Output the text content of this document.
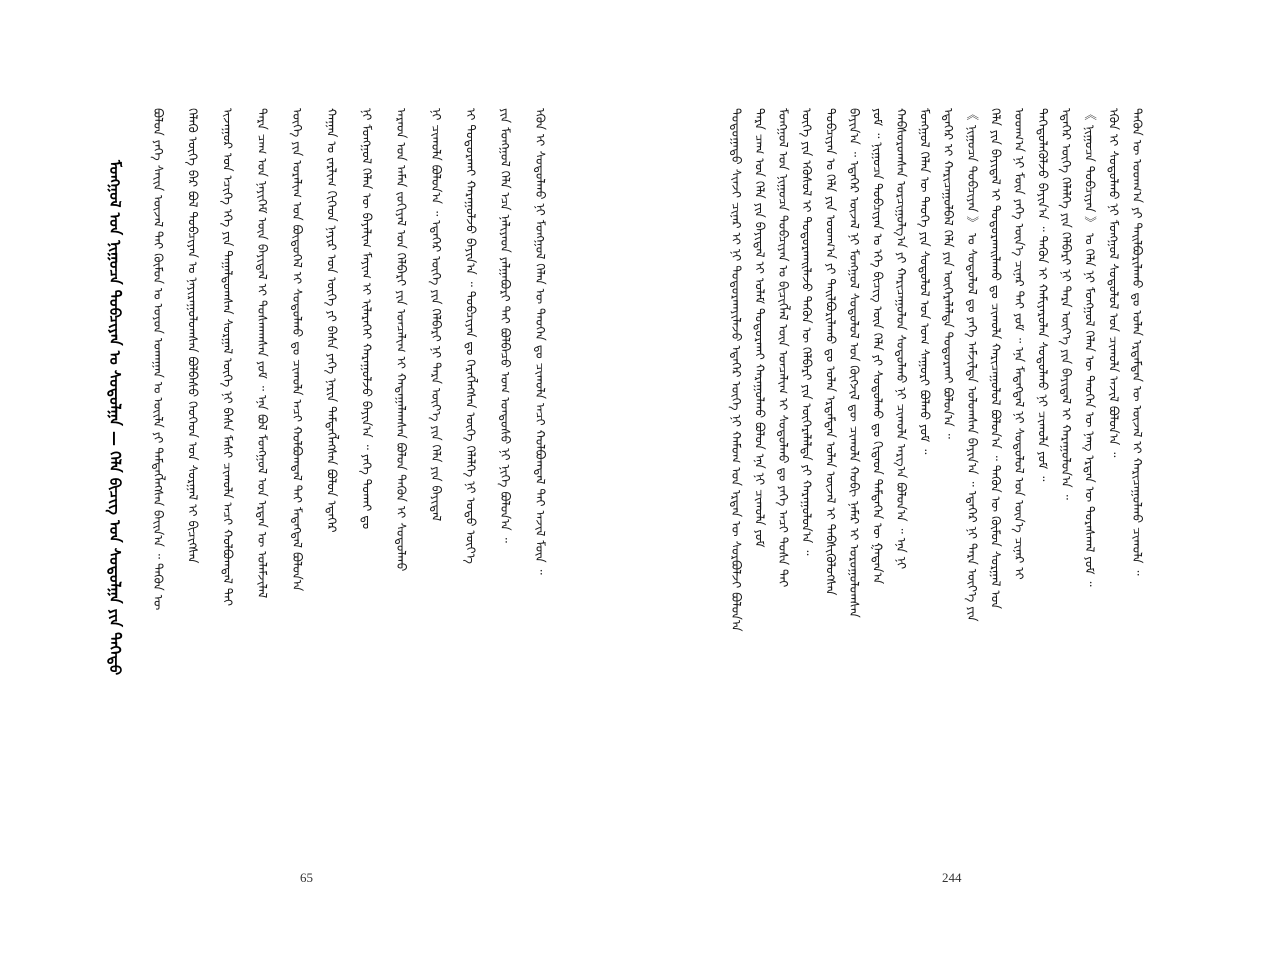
ᠮᠣᠩᠭᠣᠯ ᠤᠨ ᠨᠢᠭᠤᠴᠠ ᠲᠣᠪᠴᠢᠶᠠᠨ ᠤ ᠰᠤᠳᠤᠯᠭᠠ — ᠬᠡᠯᠡ ᠪᠢᠴᠢᠭ ᠤᠨ ᠰᠤᠳᠤᠯᠭᠠ ᠶᠢᠨ ᠳᠡᠭᠡᠳᠦ	ᠪᠣᠯᠤᠨ ᠶᠡᠬᠡ ᠰᠠᠶ᠋ᠢᠨ ᠦᠵᠡᠯ ᠲᠡᠢ ᠬᠦᠮᠦᠨ ᠤ ᠣᠶᠤᠨ ᠤᠬᠠᠭᠠᠨ ᠤ ᠦᠢᠯᠡ ᠶᠢ ᠲᠡᠮᠳᠡᠭᠯᠡᠭᠰᠡᠨ ᠪᠠᠶ᠋ᠢᠨ᠎ᠠ ᠃ ᠲᠡᠭᠦᠨ ᠦ ᠬᠡᠯᠡᠬᠦ ᠦᠭᠡ ᠪᠡᠷ ᠪᠣᠯ ᠲᠣᠪᠴᠢᠶᠠᠨ ᠤ ᠨᠠᠶᠢᠷᠠᠭᠤᠯᠤᠭᠰᠠᠨ ᠪᠣᠯᠪᠠᠰᠤ ᠬᠡᠦᠬᠡᠳ ᠤᠨ ᠰᠤᠷᠭᠠᠯ ᠢ ᠪᠢᠴᠢᠭᠰᠡᠨ ᠢᠵᠠᠭᠤᠷ ᠤᠨ ᠡᠴᠢᠭᠡ ᠡᠬᠡ ᠶᠢᠨ ᠳᠠᠭᠠᠯᠳᠤᠭᠰᠠᠨ ᠰᠤᠷᠭᠠᠯ ᠦᠭᠡ ᠨᠢ ᠪᠠᠰᠠ ᠮᠠᠰᠢ ᠴᠢᠬᠤᠯᠠ ᠠᠴᠢ ᠬᠣᠯᠪᠣᠭᠳᠠᠯ ᠲᠠᠢ ᠲᠡᠷᠡ ᠴᠠᠭ ᠤᠨ ᠨᠡᠶᠢᠭᠡᠮ ᠦᠨ ᠪᠠᠶᠢᠳᠠᠯ ᠢ ᠲᠤᠰᠬᠠᠭᠰᠠᠨ ᠶᠤᠮ ᠃ ᠡᠨᠡ ᠪᠣᠯ ᠮᠣᠩᠭᠣᠯ ᠤᠨ ᠡᠷᠲᠡᠨ ᠦ ᠤᠯᠠᠮᠵᠢᠯᠠᠯ ᠦᠭᠡ ᠶᠢᠨ ᠤᠷᠠᠯᠢᠭ ᠤᠨ ᠪᠦᠲᠦᠭᠡᠯ ᠢ ᠰᠤᠳᠤᠯᠬᠤ ᠳᠤ ᠴᠢᠬᠤᠯᠠ ᠠᠴᠢ ᠬᠣᠯᠪᠣᠭᠳᠠᠯ ᠲᠠᠢ ᠮᠡᠳᠡᠭᠳᠡᠯ ᠪᠣᠯᠤᠨ᠎ᠠ ᠬᠠᠭᠠᠨ ᠤ ᠵᠠᠷᠯᠢᠭ ᠬᠢᠭᠡᠳ ᠨᠠᠶᠢᠷ ᠤᠨ ᠦᠭᠡ ᠶᠢ ᠪᠠᠰᠠ ᠶᠡᠬᠡ ᠨᠠᠷᠢᠨ ᠲᠡᠮᠳᠡᠭᠯᠡᠭᠰᠡᠨ ᠪᠣᠯᠤᠨ ᠡᠳᠡᠭᠡᠷ ᠨᠢ ᠮᠣᠩᠭᠣᠯ ᠬᠡᠯᠡᠨ ᠦ ᠪᠠᠶᠠᠯᠢᠭ ᠮᠠᠶᠢᠭ ᠢ ᠢᠯᠡᠷᠡᠬᠡᠢ ᠬᠠᠷᠠᠭᠤᠯᠵᠤ ᠪᠠᠶᠢᠨ᠎ᠠ ᠃ ᠶᠡᠬᠡ ᠲᠤᠬᠠᠢ ᠳᠤ ᠠᠷᠠᠳ ᠤᠨ ᠠᠮᠠᠨ ᠵᠣᠬᠢᠶᠠᠯ ᠤᠨ ᠬᠡᠯᠪᠡᠷᠢ ᠶᠢᠨ ᠣᠨᠴᠠᠯᠢᠭ ᠢ ᠬᠠᠳᠠᠭᠠᠯᠠᠭᠰᠠᠨ ᠪᠣᠯᠤᠨ ᠲᠡᠭᠦᠨ ᠢ ᠰᠤᠳᠤᠯᠬᠤ ᠨᠢ ᠴᠢᠬᠤᠯᠠ ᠪᠣᠯᠤᠨ᠎ᠠ ᠃ ᠡᠳᠡᠭᠡᠷ ᠦᠭᠡ ᠶᠢᠨ ᠬᠡᠯᠪᠡᠷᠢ ᠨᠢ ᠲᠡᠷᠡ ᠦᠶ᠎ᠡ ᠶᠢᠨ ᠬᠡᠯᠡ ᠶᠢᠨ ᠪᠠᠶᠢᠳᠠᠯ ᠢ ᠲᠣᠳᠤᠷᠬᠠᠶ ᠬᠠᠷᠠᠭᠤᠯᠵᠤ ᠪᠠᠶᠢᠨ᠎ᠠ ᠃ ᠲᠣᠪᠴᠢᠶᠠᠨ ᠳᠤ ᠬᠡᠷᠡᠭᠯᠡᠭᠰᠡᠨ ᠦᠭᠡ ᠬᠡᠯᠡᠯᠭᠡ ᠨᠢ ᠣᠳᠣ ᠦᠶ᠎ᠡ ᠶᠢᠨ ᠮᠣᠩᠭᠣᠯ ᠬᠡᠯᠡ ᠡᠴᠡ ᠨᠡᠯᠢᠶᠡᠳ ᠶᠠᠯᠭᠠᠪᠤᠷᠢ ᠲᠠᠢ ᠪᠣᠯᠪᠠᠴᠤ ᠤᠭ ᠤᠨᠳᠤᠰᠤ ᠨᠢ ᠨᠢᠭᠡ ᠪᠣᠯᠤᠨ᠎ᠠ ᠃ ᠡᠭᠦᠨ ᠢ ᠰᠤᠳᠤᠯᠬᠤ ᠨᠢ ᠮᠣᠩᠭᠣᠯ ᠬᠡᠯᠡᠨ ᠦ ᠲᠡᠦᠬᠡᠨ ᠳᠤ ᠴᠢᠬᠤᠯᠠ ᠠᠴᠢ ᠬᠣᠯᠪᠣᠭᠳᠠᠯ ᠲᠠᠢ ᠠᠵᠢᠯ ᠮᠥᠨ ᠃
65
ᠳᠣᠲᠣᠭᠠᠳᠤ ᠰᠢᠨᠵᠢ ᠴᠢᠨᠠᠷ ᠢ ᠨᠢ ᠲᠣᠳᠣᠷᠬᠠᠶᠢᠯᠠᠵᠤ ᠡᠳᠡᠭᠡᠷ ᠦᠭᠡ ᠨᠢ ᠬᠠᠮᠤᠭ ᠤᠨ ᠡᠷᠲᠡᠨ ᠦ ᠰᠤᠷᠪᠤᠯᠵᠢ ᠪᠣᠯᠤᠨ᠎ᠠ ᠲᠡᠷᠡ ᠴᠠᠭ ᠤᠨ ᠬᠡᠯᠡ ᠶᠢᠨ ᠪᠠᠶᠢᠳᠠᠯ ᠢ ᠤᠯᠠᠮ ᠲᠣᠳᠣᠷᠬᠠᠢ ᠬᠠᠷᠠᠭᠤᠯᠬᠤ ᠪᠣᠯᠤᠨ ᠡᠨᠡ ᠨᠢ ᠴᠢᠬᠤᠯᠠ ᠶᠤᠮ ᠮᠣᠩᠭᠣᠯ ᠤᠨ ᠨᠢᠭᠤᠴᠠ ᠲᠣᠪᠴᠢᠶᠠᠨ ᠤ ᠪᠢᠴᠢᠭᠯᠡᠯ ᠦᠨ ᠣᠨᠴᠠᠯᠢᠭ ᠢ ᠰᠤᠳᠤᠯᠬᠤ ᠳᠤ ᠶᠡᠬᠡ ᠠᠴᠢ ᠲᠤᠰᠠ ᠲᠠᠢ ᠦᠭᠡ ᠶᠢᠨ ᠡᠭᠦᠰᠦᠯ ᠢ ᠲᠣᠳᠣᠷᠬᠠᠢᠯᠠᠵᠤ ᠲᠡᠭᠦᠨ ᠦ ᠬᠡᠯᠪᠡᠷᠢ ᠶᠢᠨ ᠥᠭᠡᠷᠡᠯᠡᠯᠲᠡ ᠶᠢ ᠬᠠᠷᠠᠭᠤᠯᠤᠨ᠎ᠠ ᠃ ᠲᠣᠪᠴᠢᠶᠠᠨ ᠤ ᠬᠡᠯᠡ ᠶᠢᠨ ᠤᠳᠬ᠎ᠠ ᠶᠢ ᠲᠠᠢᠯᠪᠤᠷᠢᠯᠠᠬᠤ ᠳᠤ ᠣᠯᠠᠨ ᠡᠷᠳᠡᠮᠲᠡᠨ ᠣᠯᠠᠨ ᠦᠵᠡᠯ ᠢ ᠳᠡᠪᠰᠢᠭᠦᠯᠦᠭᠰᠡᠨ ᠪᠠᠶᠢᠨ᠎ᠠ ᠃ ᠡᠳᠡᠭᠡᠷ ᠦᠵᠡᠯ ᠨᠢ ᠮᠣᠩᠭᠣᠯ ᠰᠤᠳᠤᠯᠤᠯ ᠤᠨ ᠬᠥᠭᠵᠢᠯ ᠳᠦ ᠴᠢᠬᠤᠯᠠ ᠬᠤᠪᠢ ᠨᠡᠮᠡᠷ ᠢ ᠣᠷᠣᠭᠤᠯᠤᠭᠰᠠᠨ ᠶᠤᠮ ᠃ ᠨᠢᠭᠤᠴᠠ ᠲᠣᠪᠴᠢᠶᠠᠨ ᠤ ᠡᠬᠡ ᠪᠢᠴᠢᠭ ᠦᠨ ᠬᠡᠯᠡ ᠶᠢ ᠰᠤᠳᠤᠯᠬᠤ ᠳᠤ ᠬᠢᠳᠠᠳ ᠲᠡᠮᠳᠡᠭᠡᠨ ᠦ ᠭᠠᠳᠠᠨ᠎ᠠ ᠬᠠᠪᠰᠤᠷᠤᠭᠰᠠᠨ ᠣᠷᠴᠢᠭᠤᠯᠭ᠎ᠠ ᠶᠢ ᠬᠠᠷᠢᠴᠠᠭᠤᠯᠤᠨ ᠰᠤᠳᠤᠯᠬᠤ ᠨᠢ ᠴᠢᠬᠤᠯᠠ ᠠᠷᠭ᠎ᠠ ᠪᠣᠯᠤᠨ᠎ᠠ ᠃ ᠡᠨᠡ ᠨᠢ ᠮᠣᠩᠭᠣᠯ ᠬᠡᠯᠡᠨ ᠦ ᠲᠡᠦᠬᠡ ᠶᠢᠨ ᠰᠤᠳᠤᠯᠤᠯ ᠤᠨ ᠤᠭ ᠰᠠᠭᠤᠷᠢ ᠪᠣᠯᠬᠤ ᠶᠤᠮ ᠃ ᠡᠳᠡᠭᠡᠷ ᠢ ᠬᠠᠷᠢᠴᠠᠭᠤᠯᠪᠠᠯ ᠬᠡᠯᠡ ᠶᠢᠨ ᠥᠭᠡᠷᠡᠯᠡᠯᠲᠡ ᠲᠣᠳᠣᠷᠬᠠᠢ ᠪᠣᠯᠤᠨ᠎ᠠ ᠃ 《 ᠨᠢᠭᠤᠴᠠ ᠲᠣᠪᠴᠢᠶᠠᠨ 》 ᠤ ᠰᠤᠳᠤᠯᠤᠯ ᠳᠤ ᠶᠡᠬᠡ ᠠᠮᠵᠢᠯᠲᠠ ᠣᠯᠤᠭᠰᠠᠨ ᠪᠠᠶᠢᠨ᠎ᠠ ᠃ ᠡᠳᠡᠭᠡᠷ ᠨᠢ ᠲᠡᠷᠡ ᠦᠶ᠎ᠡ ᠶᠢᠨ ᠬᠡᠯᠡ ᠶᠢᠨ ᠪᠠᠶᠢᠳᠠᠯ ᠢ ᠲᠣᠳᠣᠷᠬᠠᠢᠯᠠᠬᠤ ᠳᠤ ᠴᠢᠬᠤᠯᠠ ᠬᠠᠷᠢᠴᠠᠭᠤᠯᠤᠯ ᠪᠣᠯᠤᠨ᠎ᠠ ᠃ ᠲᠡᠭᠦᠨ ᠦ ᠬᠦᠮᠦᠨ ᠰᠤᠷᠭᠠᠯ ᠤᠨ ᠤᠳᠬ᠎ᠠ ᠨᠢ ᠮᠥᠨ ᠶᠡᠬᠡ ᠦᠨ᠎ᠡ ᠴᠢᠨᠠᠷ ᠲᠠᠢ ᠶᠤᠮ ᠃ ᠡᠨᠡ ᠮᠡᠳᠡᠭᠳᠡᠯ ᠨᠢ ᠰᠤᠳᠤᠯᠤᠯ ᠤᠨ ᠦᠨ᠎ᠡ ᠴᠢᠨᠠᠷ ᠢ ᠳᠡᠭᠡᠳᠦᠯᠡᠭᠦᠯᠵᠦ ᠪᠠᠶᠢᠨ᠎ᠠ ᠃ ᠲᠡᠭᠦᠨ ᠢ ᠬᠠᠮᠢᠶᠠᠷᠤᠯᠠᠨ ᠰᠤᠳᠤᠯᠬᠤ ᠨᠢ ᠴᠢᠬᠤᠯᠠ ᠶᠤᠮ ᠃ ᠡᠳᠡᠭᠡᠷ ᠦᠭᠡ ᠬᠡᠯᠡᠯᠭᠡ ᠶᠢᠨ ᠬᠡᠯᠪᠡᠷᠢ ᠨᠢ ᠲᠡᠷᠡ ᠦᠶ᠎ᠡ ᠶᠢᠨ ᠪᠠᠶᠢᠳᠠᠯ ᠢ ᠬᠠᠷᠠᠭᠤᠯᠤᠨ᠎ᠠ ᠃ 《 ᠨᠢᠭᠤᠴᠠ ᠲᠣᠪᠴᠢᠶᠠᠨ 》 ᠤ ᠬᠡᠯᠡ ᠨᠢ ᠮᠣᠩᠭᠣᠯ ᠬᠡᠯᠡᠨ ᠦ ᠲᠡᠦᠬᠡᠨ ᠦ ᠨᠡᠩ ᠡᠷᠲᠡᠨ ᠦ ᠳᠤᠷᠠᠰᠬᠠᠯ ᠶᠤᠮ ᠃ ᠡᠭᠦᠨ ᠢ ᠰᠤᠳᠤᠯᠬᠤ ᠨᠢ ᠮᠣᠩᠭᠣᠯ ᠰᠤᠳᠤᠯᠤᠯ ᠤᠨ ᠴᠢᠬᠤᠯᠠ ᠠᠵᠢᠯ ᠪᠣᠯᠤᠨ᠎ᠠ ᠃ ᠲᠡᠭᠦᠨ ᠦ ᠤᠳᠬ᠎ᠠ ᠶᠢ ᠲᠠᠢᠯᠪᠤᠷᠢᠯᠠᠬᠤ ᠳᠤ ᠣᠯᠠᠨ ᠡᠷᠳᠡᠮᠲᠡᠨ ᠦ ᠦᠵᠡᠯ ᠢ ᠬᠠᠷᠢᠴᠠᠭᠤᠯᠬᠤ ᠴᠢᠬᠤᠯᠠ ᠃
244
